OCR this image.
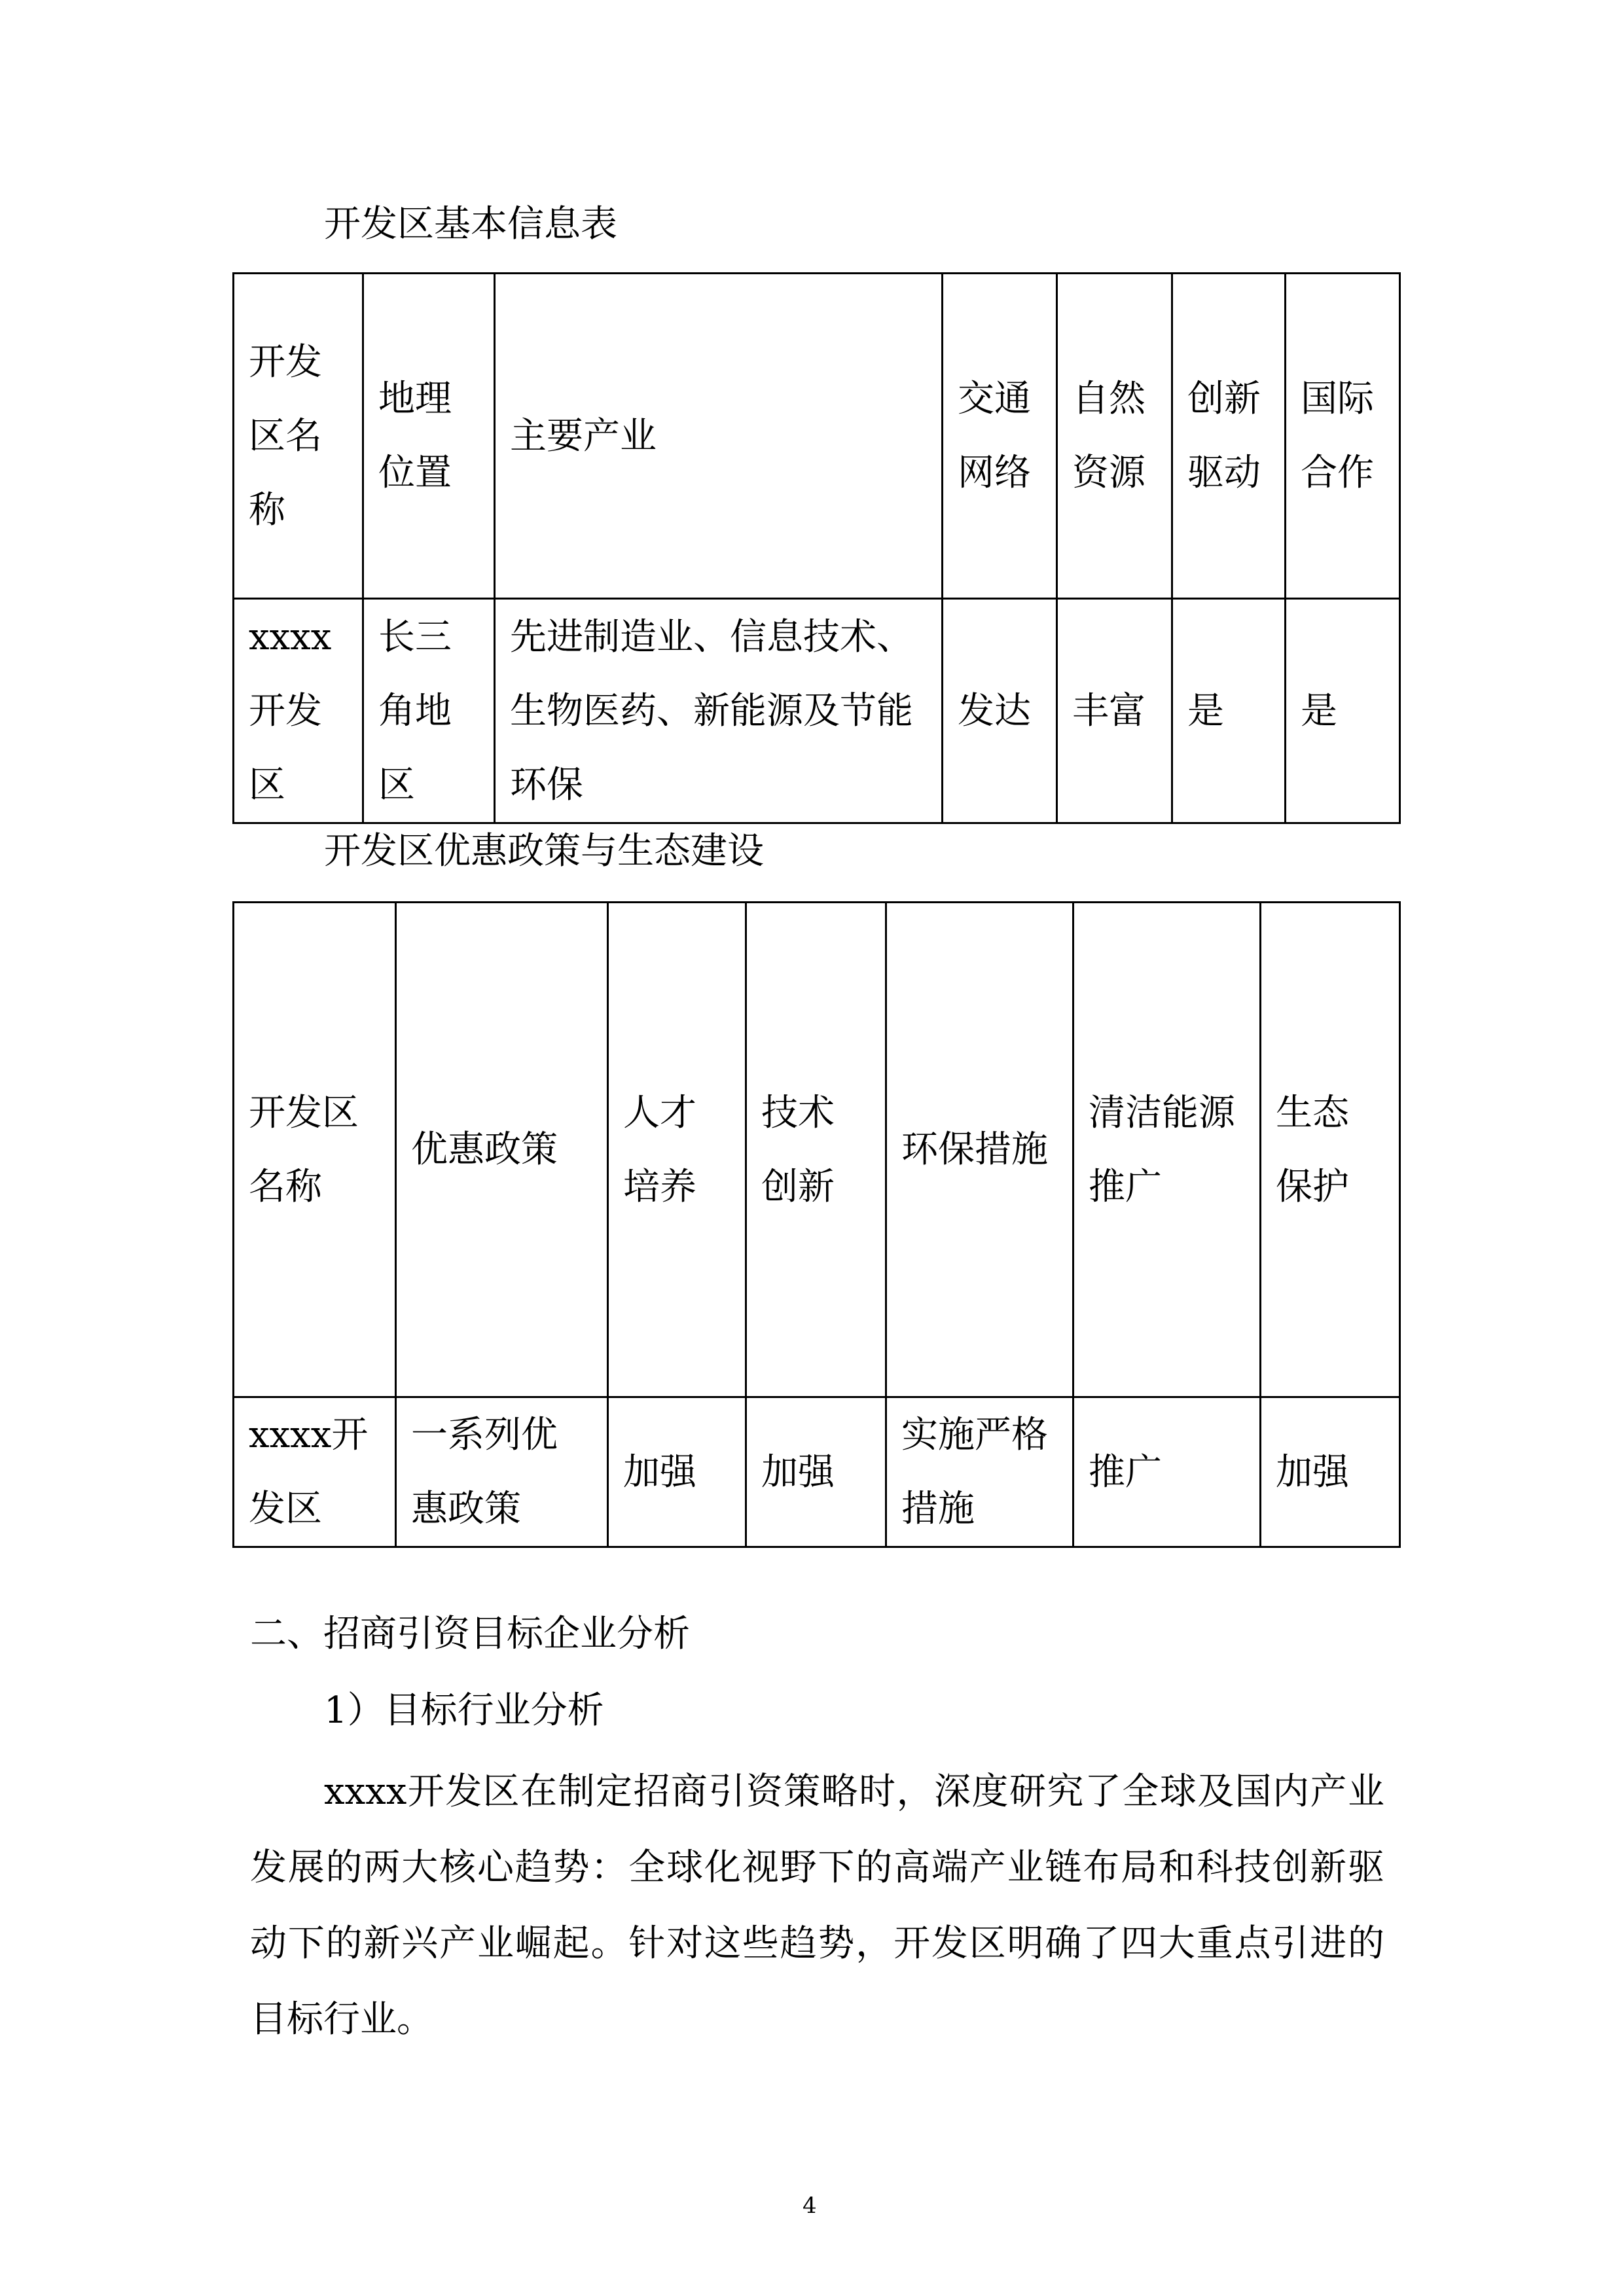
开发区基本信息表
开发区名称	地理位置	主要产业	交通网络	自然资源	创新驱动	国际合作
xxxx开发区	长三角地区	先进制造业、信息技术、生物医药、新能源及节能环保	发达	丰富	是	是
开发区优惠政策与生态建设
开发区名称	优惠政策	人才培养	技术创新	环保措施	清洁能源推广	生态保护
xxxx开发区	一系列优惠政策	加强	加强	实施严格措施	推广	加强
二、招商引资目标企业分析
1）目标行业分析
xxxx开发区在制定招商引资策略时，深度研究了全球及国内产业发展的两大核心趋势：全球化视野下的高端产业链布局和科技创新驱动下的新兴产业崛起。针对这些趋势，开发区明确了四大重点引进的目标行业。
4
